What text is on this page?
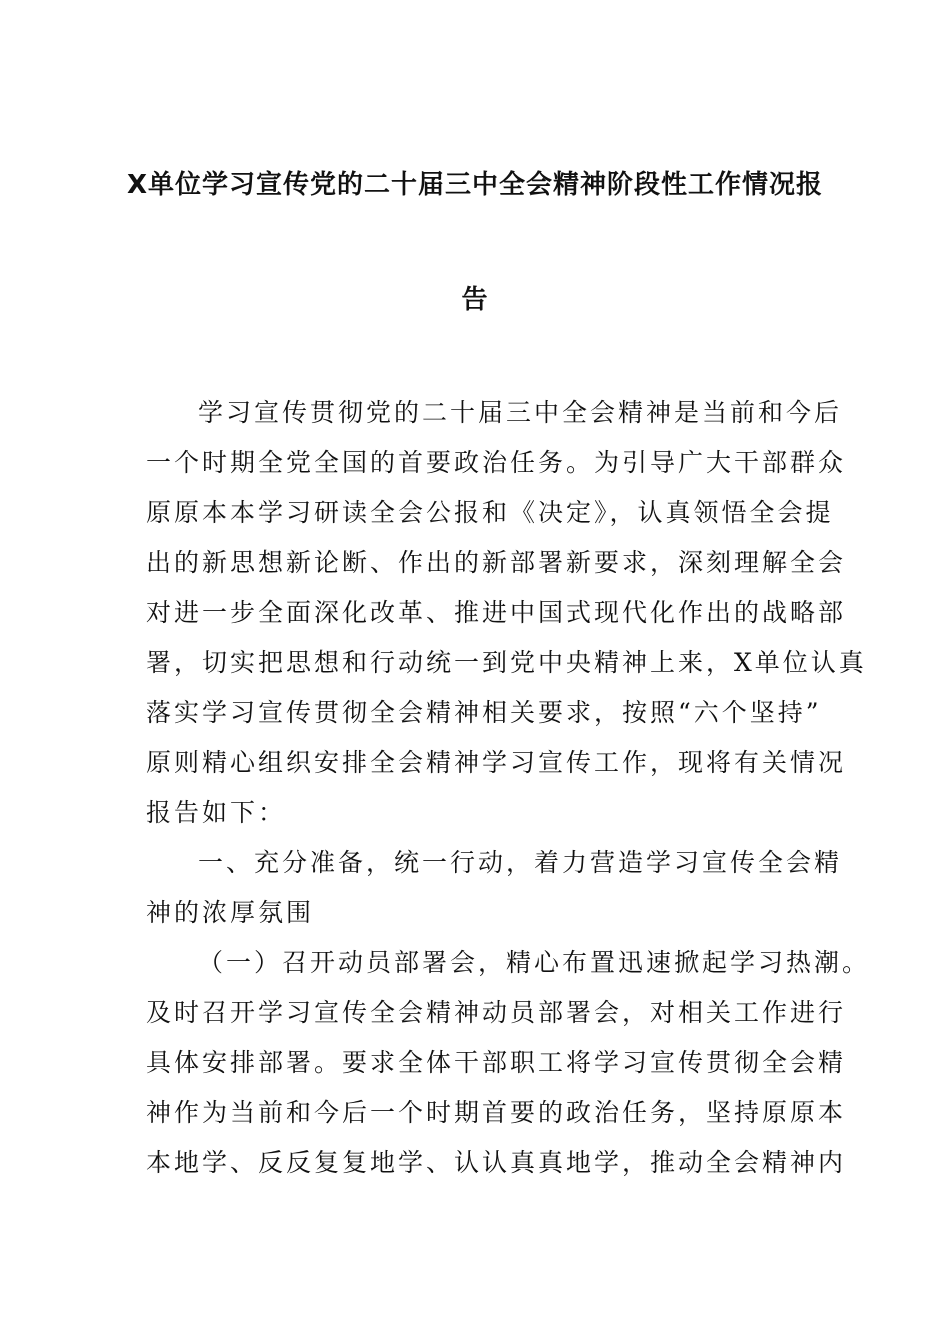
X单位学习宣传党的二十届三中全会精神阶段性工作情况报
告
学习宣传贯彻党的二十届三中全会精神是当前和今后
一个时期全党全国的首要政治任务。为引导广大干部群众
原原本本学习研读全会公报和《决定》，认真领悟全会提
出的新思想新论断、作出的新部署新要求，深刻理解全会
对进一步全面深化改革、推进中国式现代化作出的战略部
署，切实把思想和行动统一到党中央精神上来，X单位认真
落实学习宣传贯彻全会精神相关要求，按照“六个坚持”
原则精心组织安排全会精神学习宣传工作，现将有关情况
报告如下：
一、充分准备，统一行动，着力营造学习宣传全会精
神的浓厚氛围
（一）召开动员部署会，精心布置迅速掀起学习热潮。
及时召开学习宣传全会精神动员部署会，对相关工作进行
具体安排部署。要求全体干部职工将学习宣传贯彻全会精
神作为当前和今后一个时期首要的政治任务，坚持原原本
本地学、反反复复地学、认认真真地学，推动全会精神内
